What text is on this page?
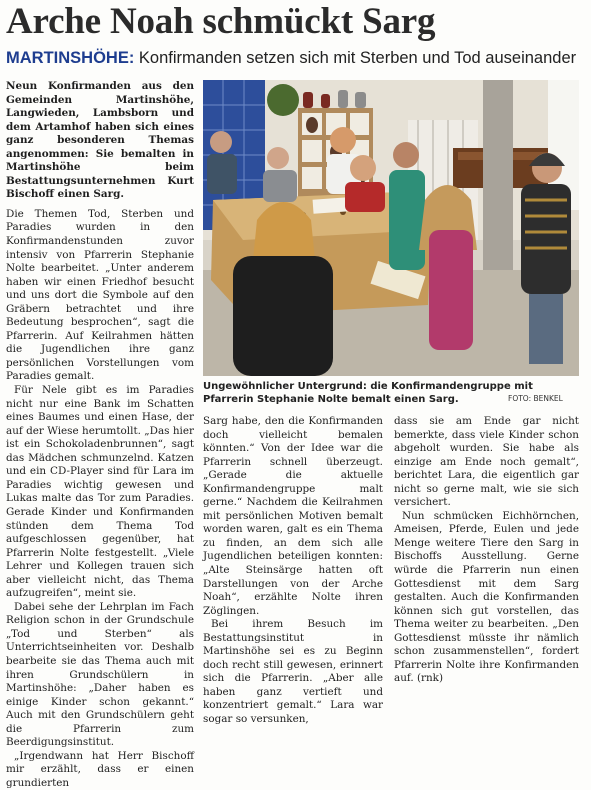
Arche Noah schmückt Sarg
MARTINSHÖHE: Konfirmanden setzen sich mit Sterben und Tod auseinander

Neun Konfirmanden aus den Gemeinden Martinshöhe, Langwieden, Lambsborn und dem Artamhof haben sich eines ganz besonderen Themas angenommen: Sie bemalten in Martinshöhe beim Bestattungsunternehmen Kurt Bischoff einen Sarg.

Die Themen Tod, Sterben und Paradies wurden in den Konfirmandenstunden zuvor intensiv von Pfarrerin Stephanie Nolte bearbeitet. „Unter anderem haben wir einen Friedhof besucht und uns dort die Symbole auf den Gräbern betrachtet und ihre Bedeutung besprochen“, sagt die Pfarrerin. Auf Keilrahmen hätten die Jugendlichen ihre ganz persönlichen Vorstellungen vom Paradies gemalt.

Für Nele gibt es im Paradies nicht nur eine Bank im Schatten eines Baumes und einen Hase, der auf der Wiese herumtollt. „Das hier ist ein Schokoladenbrunnen“, sagt das Mädchen schmunzelnd. Katzen und ein CD-Player sind für Lara im Paradies wichtig gewesen und Lukas malte das Tor zum Paradies. Gerade Kinder und Konfirmanden stünden dem Thema Tod aufgeschlossen gegenüber, hat Pfarrerin Nolte festgestellt. „Viele Lehrer und Kollegen trauen sich aber vielleicht nicht, das Thema aufzugreifen“, meint sie.

Dabei sehe der Lehrplan im Fach Religion schon in der Grundschule „Tod und Sterben“ als Unterrichtseinheiten vor. Deshalb bearbeite sie das Thema auch mit ihren Grundschülern in Martinshöhe: „Daher haben es einige Kinder schon gekannt.“ Auch mit den Grundschülern geht die Pfarrerin zum Beerdigungsinstitut.

„Irgendwann hat Herr Bischoff mir erzählt, dass er einen grundierten

Ungewöhnlicher Untergrund: die Konfirmandengruppe mit Pfarrerin Stephanie Nolte bemalt einen Sarg.	FOTO: BENKEL

Sarg habe, den die Konfirmanden doch vielleicht bemalen könnten.“ Von der Idee war die Pfarrerin schnell überzeugt. „Gerade die aktuelle Konfirmandengruppe malt gerne.“ Nachdem die Keilrahmen mit persönlichen Motiven bemalt worden waren, galt es ein Thema zu finden, an dem sich alle Jugendlichen beteiligen konnten: „Alte Steinsärge hatten oft Darstellungen von der Arche Noah“, erzählte Nolte ihren Zöglingen.

Bei ihrem Besuch im Bestattungsinstitut in Martinshöhe sei es zu Beginn doch recht still gewesen, erinnert sich die Pfarrerin. „Aber alle haben ganz vertieft und konzentriert gemalt.“ Lara war sogar so versunken,

dass sie am Ende gar nicht bemerkte, dass viele Kinder schon abgeholt wurden. Sie habe als einzige am Ende noch gemalt“, berichtet Lara, die eigentlich gar nicht so gerne malt, wie sie sich versichert.

Nun schmücken Eichhörnchen, Ameisen, Pferde, Eulen und jede Menge weitere Tiere den Sarg in Bischoffs Ausstellung. Gerne würde die Pfarrerin nun einen Gottesdienst mit dem Sarg gestalten. Auch die Konfirmanden können sich gut vorstellen, das Thema weiter zu bearbeiten. „Den Gottesdienst müsste ihr nämlich schon zusammenstellen“, fordert Pfarrerin Nolte ihre Konfirmanden auf. (rnk)
